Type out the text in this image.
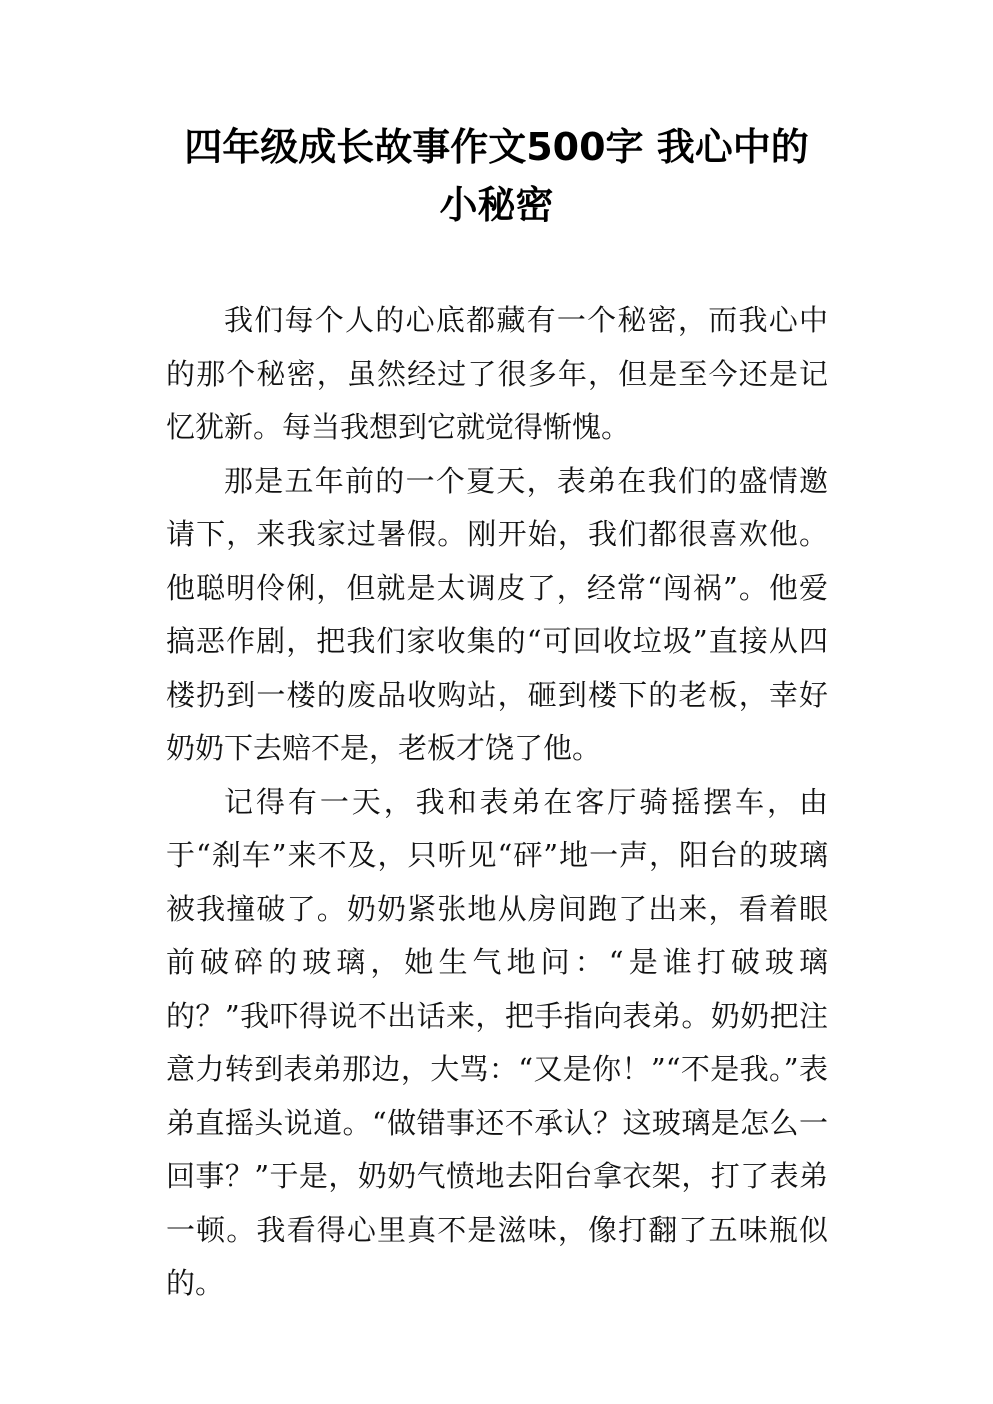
四年级成长故事作文500字 我心中的
小秘密

我们每个人的心底都藏有一个秘密，而我心中的那个秘密，虽然经过了很多年，但是至今还是记忆犹新。每当我想到它就觉得惭愧。

那是五年前的一个夏天，表弟在我们的盛情邀请下，来我家过暑假。刚开始，我们都很喜欢他。他聪明伶俐，但就是太调皮了，经常“闯祸”。他爱搞恶作剧，把我们家收集的“可回收垃圾”直接从四楼扔到一楼的废品收购站，砸到楼下的老板，幸好奶奶下去赔不是，老板才饶了他。

记得有一天，我和表弟在客厅骑摇摆车，由于“刹车”来不及，只听见“砰”地一声，阳台的玻璃被我撞破了。奶奶紧张地从房间跑了出来，看着眼前破碎的玻璃，她生气地问：“是谁打破玻璃的？”我吓得说不出话来，把手指向表弟。奶奶把注意力转到表弟那边，大骂：“又是你！”“不是我。”表弟直摇头说道。“做错事还不承认？这玻璃是怎么一回事？”于是，奶奶气愤地去阳台拿衣架，打了表弟一顿。我看得心里真不是滋味，像打翻了五味瓶似的。
